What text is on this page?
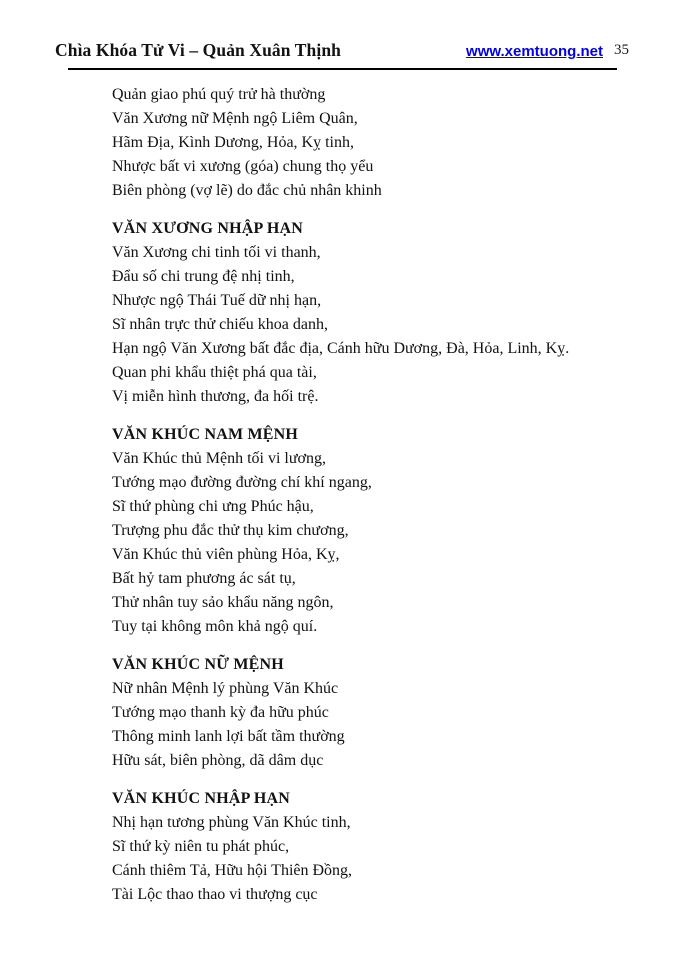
Chìa Khóa Tử Vi – Quản Xuân Thịnh	www.xemtuong.net 35
Quản giao phú quý trử hà thường
Văn Xương nữ Mệnh ngộ Liêm Quân,
Hãm Địa, Kình Dương, Hỏa, Kỵ tinh,
Nhược bất vi xương (góa) chung thọ yểu
Biên phòng (vợ lẽ) do đắc chủ nhân khinh
VĂN XƯƠNG NHẬP HẠN
Văn Xương chi tinh tối vi thanh,
Đẩu số chi trung đệ nhị tinh,
Nhược ngộ Thái Tuế dữ nhị hạn,
Sĩ nhân trực thử chiếu khoa danh,
Hạn ngộ Văn Xương bất đắc địa, Cánh hữu Dương, Đà, Hỏa, Linh, Kỵ.
Quan phi khẩu thiệt phá qua tài,
Vị miễn hình thương, đa hối trệ.
VĂN KHÚC NAM MỆNH
Văn Khúc thủ Mệnh tối vi lương,
Tướng mạo đường đường chí khí ngang,
Sĩ thứ phùng chi ưng Phúc hậu,
Trượng phu đắc thử thụ kim chương,
Văn Khúc thủ viên phùng Hỏa, Kỵ,
Bất hỷ tam phương ác sát tụ,
Thử nhân tuy sảo khẩu năng ngôn,
Tuy tại không môn khả ngộ quí.
VĂN KHÚC NỮ MỆNH
Nữ nhân Mệnh lý phùng Văn Khúc
Tướng mạo thanh kỳ đa hữu phúc
Thông minh lanh lợi bất tầm thường
Hữu sát, biên phòng, dã dâm dục
VĂN KHÚC NHẬP HẠN
Nhị hạn tương phùng Văn Khúc tinh,
Sĩ thứ kỳ niên tu phát phúc,
Cánh thiêm Tả, Hữu hội Thiên Đồng,
Tài Lộc thao thao vi thượng cục
